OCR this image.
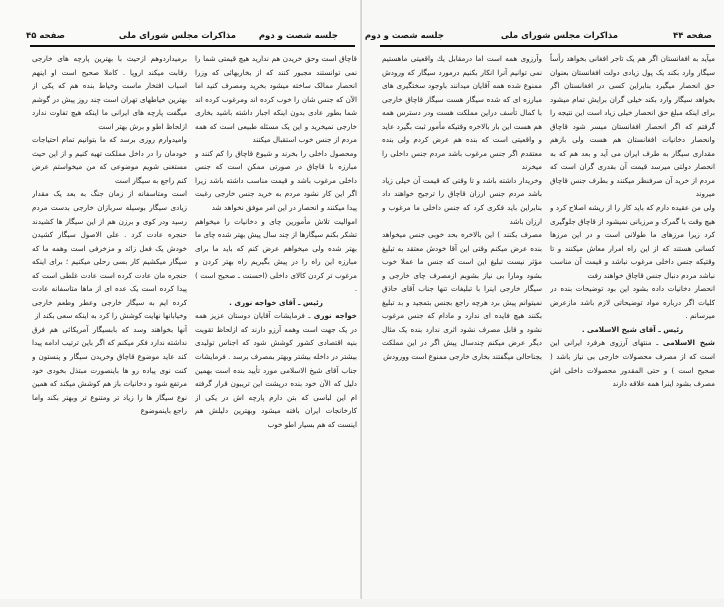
جلسه شصت و دوم
مذاکرات مجلس شورای ملی
صفحه ۴۵

قاچاق است وحق خریدن هم ندارید هیچ قیمتی شما را نمی توانستند مجبور کنند که از بخاربهائی که وزرا انحصار ممالک ساخته میشود بخرید ومصرف کنید اما الآن که جنس شان را خوب کرده اند ومرغوب کرده اند شما بطور عادی بدون اینکه اجبار داشته باشید بخاری خارجی نمیخرید و این یک مسئله طبیعی است که همه مردم از جنس خوب استقبال میکنند

ومحصول داخلی را بخرند و شیوع قاچاق را کم کنند و مبارزه با قاچاق در صورتی ممکن است که جنس داخلی مرغوب باشد و قیمت مناسب داشته باشد زیرا اگر این کار نشود مردم به خرید جنس خارجی رغبت پیدا میکنند و انحصار در این امر موفق نخواهد شد

اموالیت تلاش مأمورین چای و دخانیات را میخواهم تشکر بکنم سیگارها از چند سال پیش بهتر شده چای ما بهتر شده ولی میخواهم عرض کنم که باید ما برای مبارزه این راه را در پیش بگیریم راه بهتر کردن و مرغوب تر کردن کالای داخلی (احسنت ـ صحیح است ) .

رئیس ـ آقای خواجه نوری .

خواجه نوری ـ فرمایشات آقایان دوستان عزیز همه در یک جهت است وهمه آرزو دارند که ازلحاظ تقویت بنیه اقتصادی کشور کوشش شود که اجناس تولیدی بیشتر در داخله بیشتر وبهتر بمصرف برسد . فرمایشات جناب آقای شیخ الاسلامی مورد تأیید بنده است بهمین دلیل که الآن خود بنده درپشت این تریبون قرار گرفته ام این لباسی که بتن دارم پارچه اش در یکی از کارخانجات ایران بافته میشود وبهترین دلیلش هم اینست که هم بسیار اطو خوب

برمیداردوهم ازحیث با بهترین پارچه های خارجی رقابت میکند اروپا . کاملا صحیح است او اینهم اسباب افتخار ماست وخیاط بنده هم که یکی از بهترین خیاطهای تهران است چند روز پیش در گوشم میگفت پارچه های ایرانی ما اینکه هیچ تفاوت ندارد ازلحاظ اطو و برش بهتر است

وامیدوارم روزی برسد که ما بتوانیم تمام احتیاجات خودمان را در داخل مملکت تهیه کنیم و از این حیث مستغنی شویم موضوعی که من میخواستم عرض کنم راجع به سیگار است

است ومتاسفانه از زمان جنگ به بعد یک مقدار زیادی سیگار بوسیله سربازان خارجی بدست مردم رسید ودر کوی و برزن هم از این سیگار ها کشیدند حنجره عادت کرد . علی الاصول سیگار کشیدن خودش یک فعل زائد و مزخرفی است وهمه ما که سیگار میکشیم کار بسی رحلی میکنیم ؛ برای اینکه حنجره مان عادت کرده است عادت غلطی است که پیدا کرده است یک عده ای از ماها متاسفانه عادت کرده ایم به سیگار خارجی وعطر وطعم خارجی وخیابانها نهایت کوشش را کرد به اینکه سعی بکند از

آنها بخواهند وسد که بابسیگار آمریکائی هم فرق نداشته ندارد فکر میکنم که اگر باین ترتیب ادامه پیدا کند عاید موضوع قاچاق وخریدن سیگار و پنستون و کنت نوی پیاده رو ها باینصورت مبتذل بخودی خود مرتفع شود و دخانیات باز هم کوشش میکند که همین نوع سیگار ها را زیاد تر ومتنوع تر وبهتر بکند واما راجع باینموضوع

صفحه ۴۴
مذاکرات مجلس شورای ملی
جلسه شصت و دوم

میآید به افغانستان اگر هم یک تاجر افغانی بخواهد رأساً سیگار وارد بکند یک پول زیادی دولت افغانستان بعنوان حق انحصار میگیرد بنابراین کسی در افغانستان اگر بخواهد سیگار وارد بکند خیلی گران برایش تمام میشود برای اینکه مبلغ حق انحصار خیلی زیاد است این نتیجه را گرفتم که اگر انحصار افغانستان میسر شود قاچاق وانحصار دخانیات افغانستان هم هست ولی بازهم مقداری سیگار به طرف ایران می آید و بعد هم که به انحصار دولتی میرسد قیمت آن بقدری گران است که مردم از خرید آن صرفنظر میکنند و بطرف جنس قاچاق میروند

ولی من عقیده دارم که باید کار را از ریشه اصلاح کرد و هیچ وقت با گمرک و مرزبانی نمیشود از قاچاق جلوگیری کرد زیرا مرزهای ما طولانی است و در این مرزها کسانی هستند که از این راه امرار معاش میکنند و تا وقتیکه جنس داخلی مرغوب نباشد و قیمت آن مناسب نباشد مردم دنبال جنس قاچاق خواهند رفت

انحصار دخانیات داده بشود این بود توضیحات بنده در کلیات اگر درباره مواد توضیحاتی لازم باشد مازعرض میرسانم .

رئیس ـ آقای شیخ الاسلامی .

شیخ الاسلامی ـ منتهای آرزوی هرفرد ایرانی این است که از مصرف محصولات خارجی بی نیاز باشد ( صحیح است ) و حتی المقدور محصولات داخلی اش مصرف بشود اینرا همه علاقه دارند

وآرزوی همه است اما درمقابل یك واقعیتی ماهستیم نمی توانیم آنرا انکار بکنیم درمورد سیگار که ورودش ممنوع شده همه آقایان میدانند باوجود سختگیری های مبارزه ای که شده سیگار هست سیگار قاچاق خارجی با کمال تأسف دراین مملکت هست ودر دسترس همه هم هست این بار بالاخره وقتیکه مأمور ثبت بگیرد عاید و واقعیتی است که بنده هم عرض کردم ولی بنده معتقدم اگر جنس مرغوب باشد مردم جنس داخلی را میخرند

وخریدار داشته باشد و تا وقتی که قیمت آن خیلی زیاد باشد مردم جنس ارزان قاچاق را ترجیح خواهند داد بنابراین باید فکری کرد که جنس داخلی ما مرغوب و ارزان باشد

مصرف بکنند ) این بالاخره بحد خوبی جنس میخواهد بنده عرض میکنم وقتی این آقا خودش معتقد به تبلیغ مؤثر نیست تبلیغ این است که جنس ما عملا خوب بشود ومارا بی نیاز بشویم ازمصرف چای خارجی و سیگار خارجی اینرا با تبلیغات تنها جناب آقای حاذق نمیتوانم پیش برد هرچه راجع بجنس بتمجيد و بد تبليغ بكنند هيچ فایده ای ندارد و مادام که جنس مرغوب نشود و قابل مصرف نشود اثری ندارد بنده یک مثال دیگر عرض میکنم چندسال پیش اگر در این مملکت بجناحالی میگفتند بخاری خارجی ممنوع است وورودش
